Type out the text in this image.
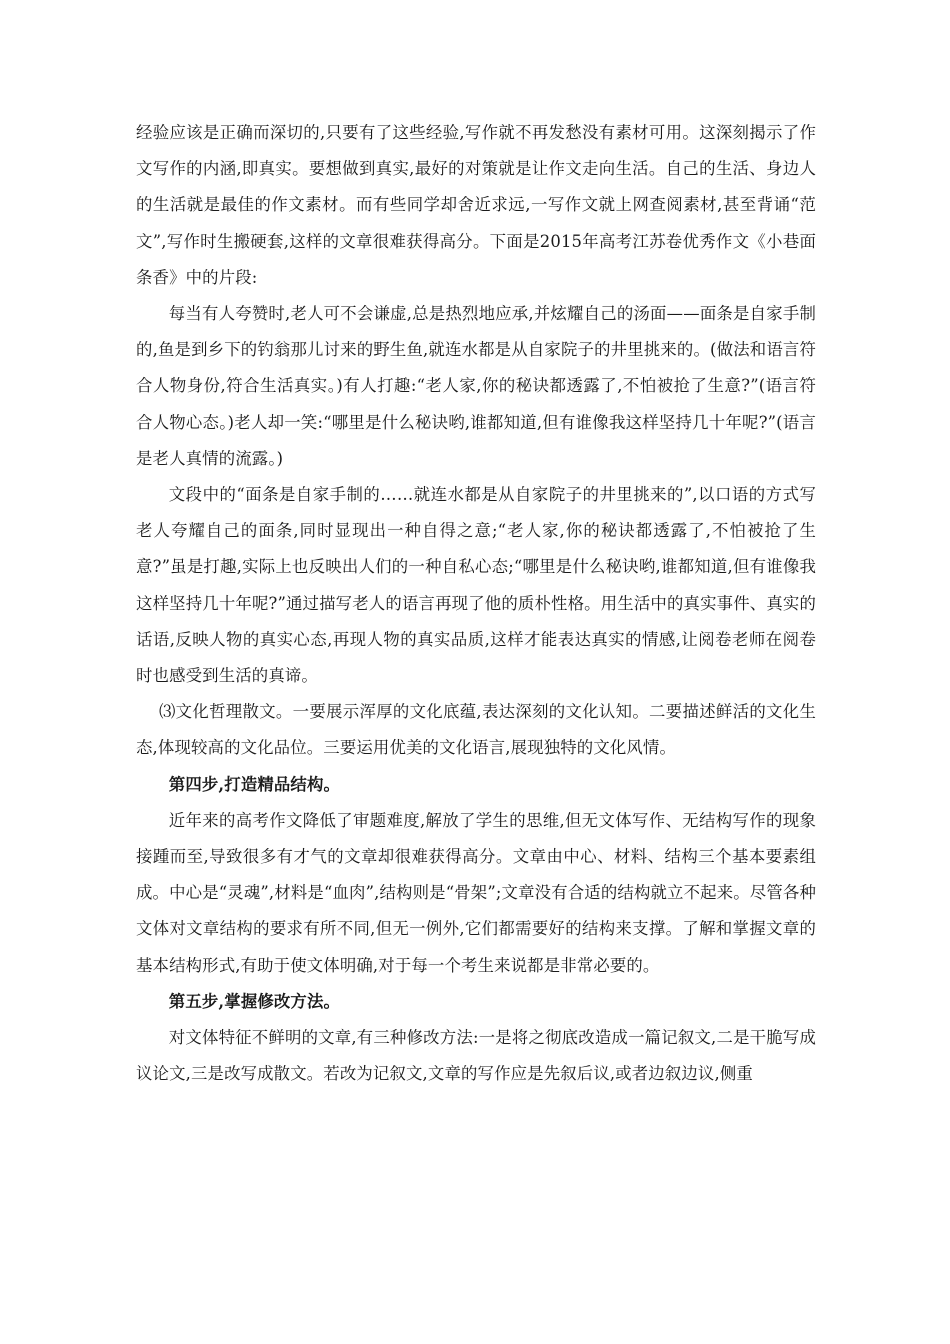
经验应该是正确而深切的,只要有了这些经验,写作就不再发愁没有素材可用。这深刻揭示了作文写作的内涵,即真实。要想做到真实,最好的对策就是让作文走向生活。自己的生活、身边人的生活就是最佳的作文素材。而有些同学却舍近求远,一写作文就上网查阅素材,甚至背诵“范文”,写作时生搬硬套,这样的文章很难获得高分。下面是2015年高考江苏卷优秀作文《小巷面条香》中的片段:

每当有人夸赞时,老人可不会谦虚,总是热烈地应承,并炫耀自己的汤面——面条是自家手制的,鱼是到乡下的钓翁那儿讨来的野生鱼,就连水都是从自家院子的井里挑来的。(做法和语言符合人物身份,符合生活真实。)有人打趣:“老人家,你的秘诀都透露了,不怕被抢了生意?”(语言符合人物心态。)老人却一笑:“哪里是什么秘诀哟,谁都知道,但有谁像我这样坚持几十年呢?”(语言是老人真情的流露。)

文段中的“面条是自家手制的……就连水都是从自家院子的井里挑来的”,以口语的方式写老人夸耀自己的面条,同时显现出一种自得之意;“老人家,你的秘诀都透露了,不怕被抢了生意?”虽是打趣,实际上也反映出人们的一种自私心态;“哪里是什么秘诀哟,谁都知道,但有谁像我这样坚持几十年呢?”通过描写老人的语言再现了他的质朴性格。用生活中的真实事件、真实的话语,反映人物的真实心态,再现人物的真实品质,这样才能表达真实的情感,让阅卷老师在阅卷时也感受到生活的真谛。

⑶文化哲理散文。一要展示浑厚的文化底蕴,表达深刻的文化认知。二要描述鲜活的文化生态,体现较高的文化品位。三要运用优美的文化语言,展现独特的文化风情。

第四步,打造精品结构。

近年来的高考作文降低了审题难度,解放了学生的思维,但无文体写作、无结构写作的现象接踵而至,导致很多有才气的文章却很难获得高分。文章由中心、材料、结构三个基本要素组成。中心是“灵魂”,材料是“血肉”,结构则是“骨架”;文章没有合适的结构就立不起来。尽管各种文体对文章结构的要求有所不同,但无一例外,它们都需要好的结构来支撑。了解和掌握文章的基本结构形式,有助于使文体明确,对于每一个考生来说都是非常必要的。

第五步,掌握修改方法。

对文体特征不鲜明的文章,有三种修改方法:一是将之彻底改造成一篇记叙文,二是干脆写成议论文,三是改写成散文。若改为记叙文,文章的写作应是先叙后议,或者边叙边议,侧重
